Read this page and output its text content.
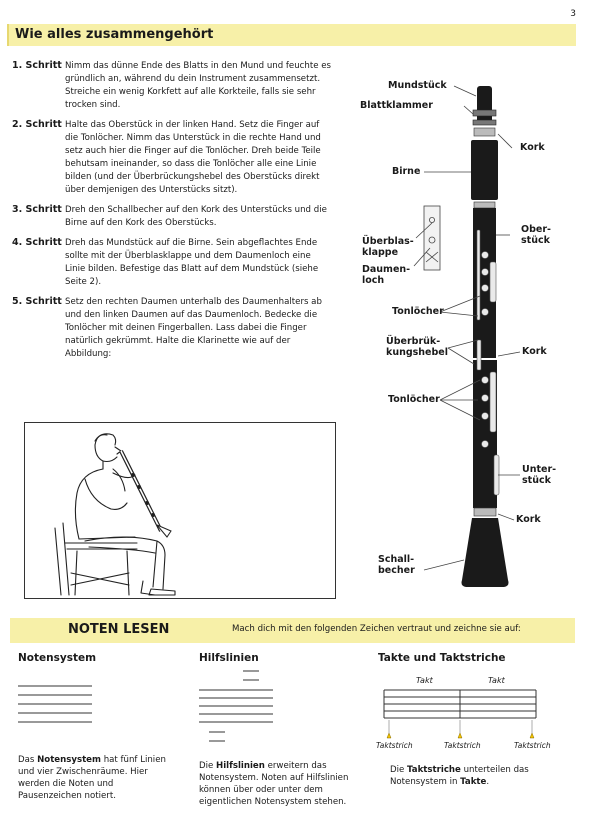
3
Wie alles zusammengehört
1. Schritt Nimm das dünne Ende des Blatts in den Mund und feuchte es gründlich an, während du dein Instrument zusammensetzt. Streiche ein wenig Korkfett auf alle Korkteile, falls sie sehr trocken sind.
2. Schritt Halte das Oberstück in der linken Hand. Setz die Finger auf die Tonlöcher. Nimm das Unterstück in die rechte Hand und setz auch hier die Finger auf die Tonlöcher. Dreh beide Teile behutsam ineinander, so dass die Tonlöcher alle eine Linie bilden (und der Überbrückungshebel des Oberstücks direkt über demjenigen des Unterstücks sitzt).
3. Schritt Dreh den Schallbecher auf den Kork des Unterstücks und die Birne auf den Kork des Oberstücks.
4. Schritt Dreh das Mundstück auf die Birne. Sein abgeflachtes Ende sollte mit der Überblasklappe und dem Daumenloch eine Linie bilden. Befestige das Blatt auf dem Mundstück (siehe Seite 2).
5. Schritt Setz den rechten Daumen unterhalb des Daumenhalters ab und den linken Daumen auf das Daumenloch. Bedecke die Tonlöcher mit deinen Fingerballen. Lass dabei die Finger natürlich gekrümmt. Halte die Klarinette wie auf der Abbildung:
Mundstück
Blattklammer
Kork
Birne
Ober-
stück
Überblas-
klappe
Daumen-
loch
Tonlöcher
Überbrük-
kungshebel	Kork
Tonlöcher
Unter-
stück
Kork
Schall-
becher
NOTEN LESEN	Mach dich mit den folgenden Zeichen vertraut und zeichne sie auf:
Notensystem

Das Notensystem hat fünf Linien und vier Zwischenräume. Hier werden die Noten und Pausenzeichen notiert.

Hilfslinien

Die Hilfslinien erweitern das Notensystem. Noten auf Hilfslinien können über oder unter dem eigentlichen Notensystem stehen.

Takte und Taktstriche
Takt	Takt
Taktstrich	Taktstrich	Taktstrich

Die Taktstriche unterteilen das Notensystem in Takte.
